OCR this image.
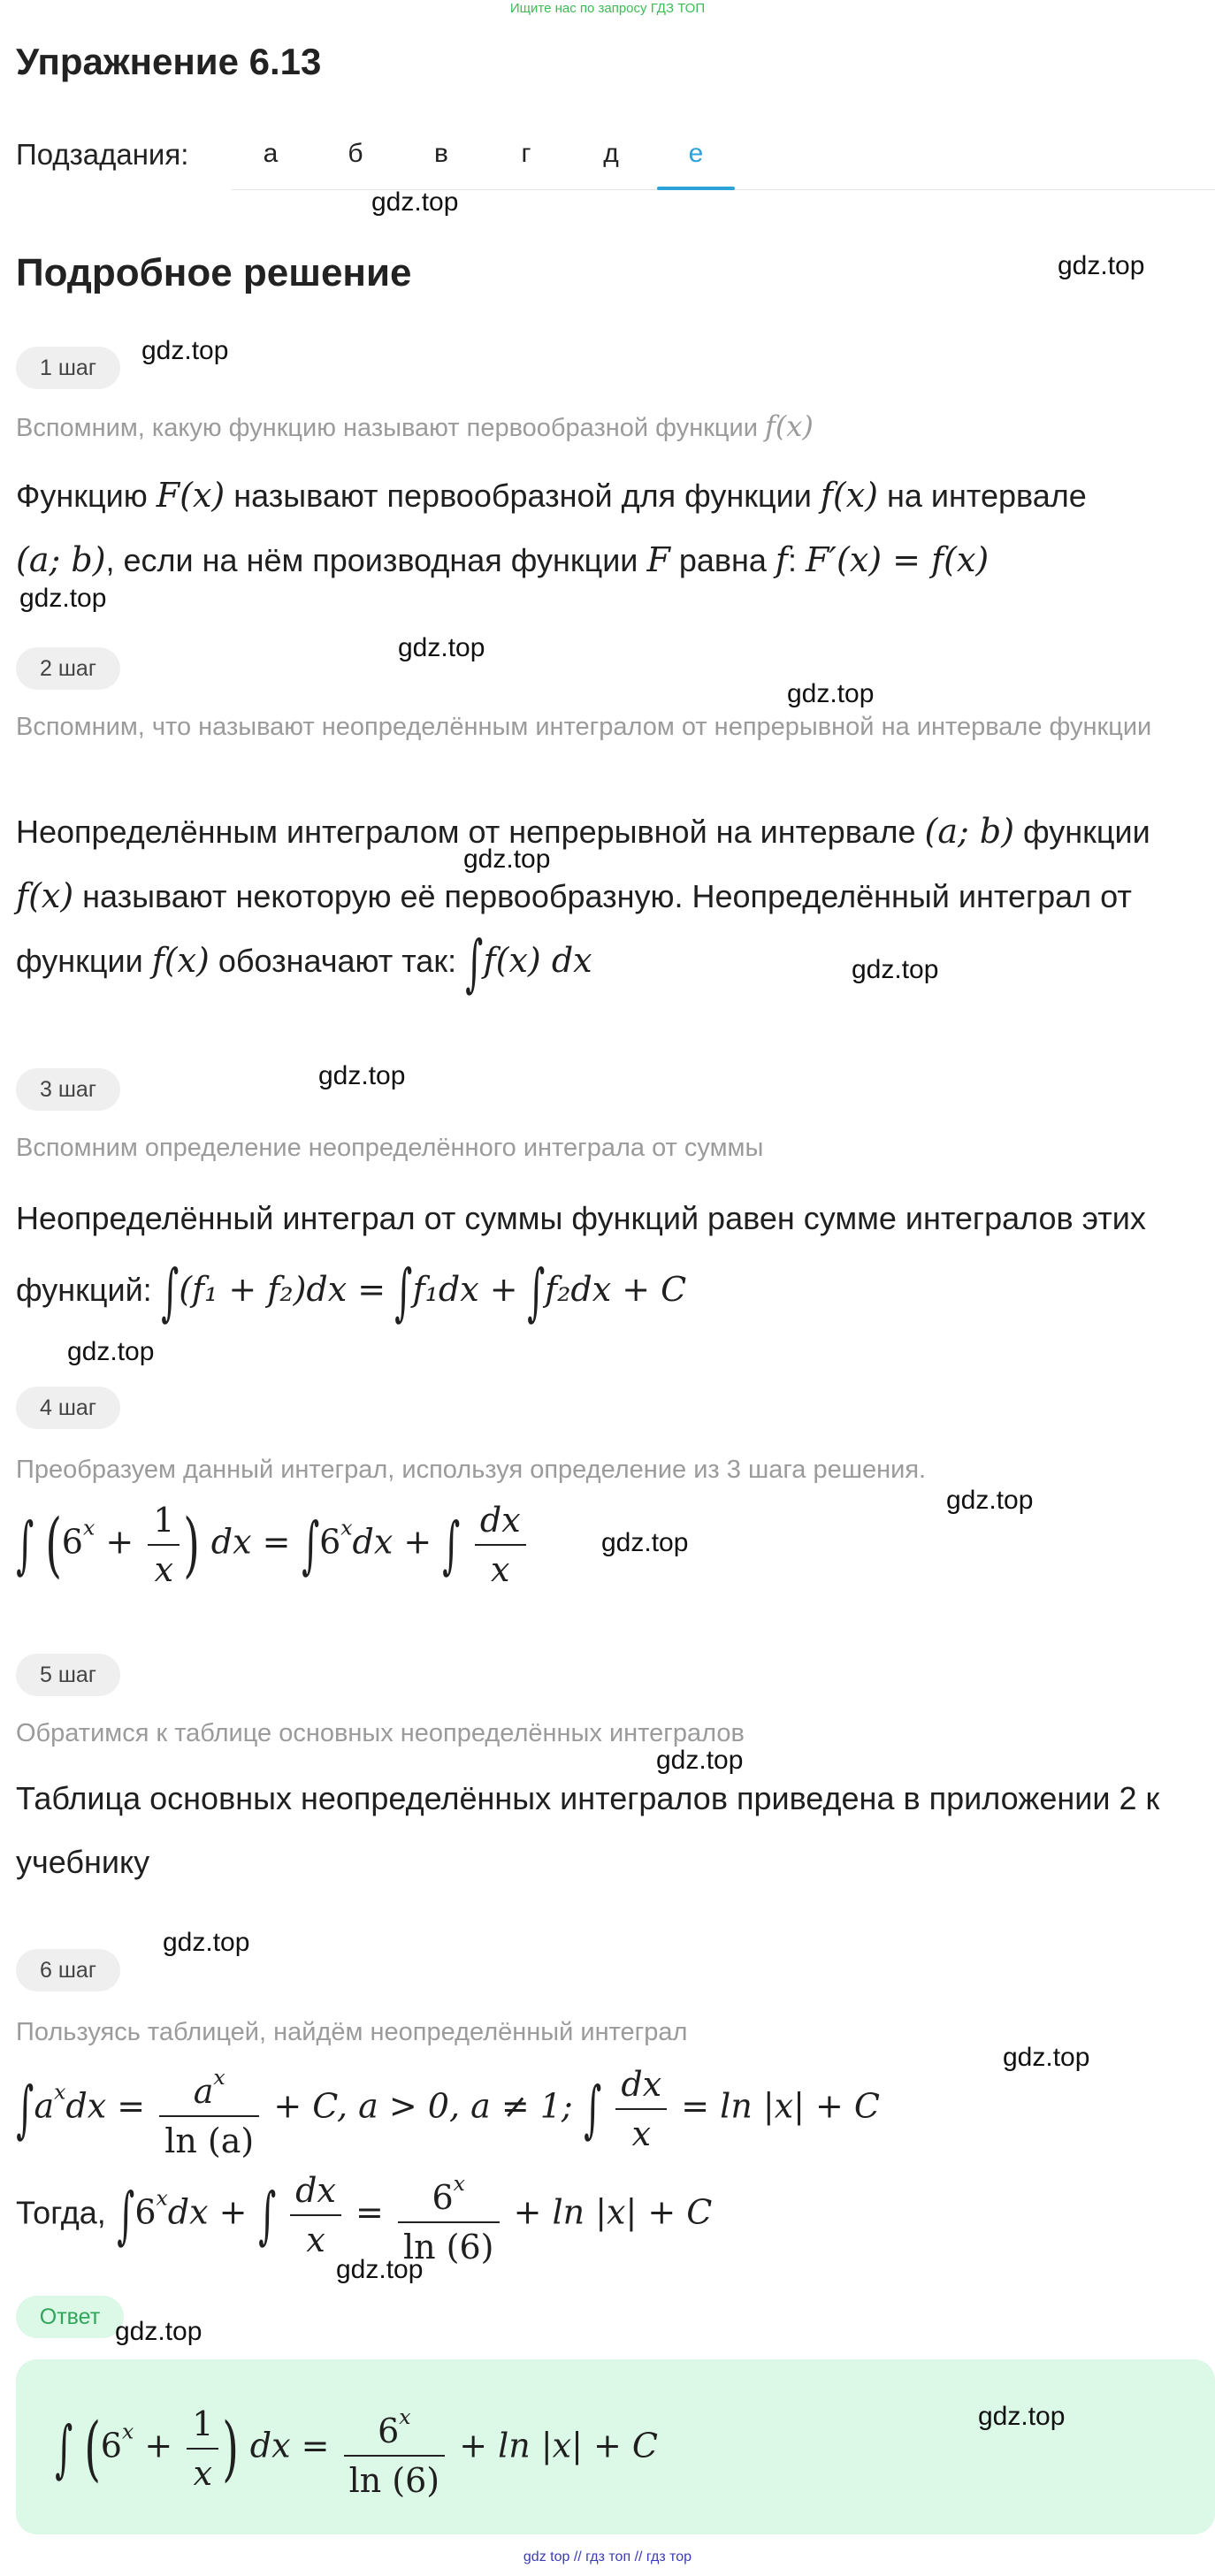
Ищите нас по запросу ГДЗ ТОП
Упражнение 6.13
Подзадания:	а	б	в	г	д	е
Подробное решение
1 шаг
Вспомним, какую функцию называют первообразной функции f(x)
Функцию F(x) называют первообразной для функции f(x) на интервале
(a; b), если на нём производная функции F равна f: F′(x) = f(x)
2 шаг
Вспомним, что называют неопределённым интегралом от непрерывной на интервале функции
Неопределённым интегралом от непрерывной на интервале (a; b) функции f(x) называют некоторую её первообразную. Неопределённый интеграл от функции f(x) обозначают так: ∫f(x) dx
3 шаг
Вспомним определение неопределённого интеграла от суммы
Неопределённый интеграл от суммы функций равен сумме интегралов этих функций: ∫(f₁ + f₂)dx = ∫f₁dx + ∫f₂dx + C
4 шаг
Преобразуем данный интеграл, используя определение из 3 шага решения.
∫ ($6^x + \frac{1}{x}$ ) dx = $\int 6^xdx$ + ∫ $\frac{dx}{x}$
5 шаг
Обратимся к таблице основных неопределённых интегралов
Таблица основных неопределённых интегралов приведена в приложении 2 к учебнику
6 шаг
Пользуясь таблицей, найдём неопределённый интеграл
$\int a^xdx = \frac{a^x}{\ln (a)} + C$, a > 0, a ≠ 1; ∫ $\frac{dx}{x} = \ln |x| + C$
Тогда, $\int 6^xdx$ + ∫ $\frac{dx}{x} = \frac{6^x}{\ln (6)} + \ln |x| + C$
Ответ
∫ ($6^x + \frac{1}{x}$ ) dx = $\frac{6^x}{\ln (6)} + \ln |x| + C$
gdz.top
gdz.top
gdz.top
gdz.top
gdz.top
gdz.top
gdz.top
gdz.top
gdz.top
gdz.top
gdz.top
gdz.top
gdz.top
gdz.top
gdz.top
gdz.top
gdz.top
gdz.top
gdz top // гдз топ // гдз тор
